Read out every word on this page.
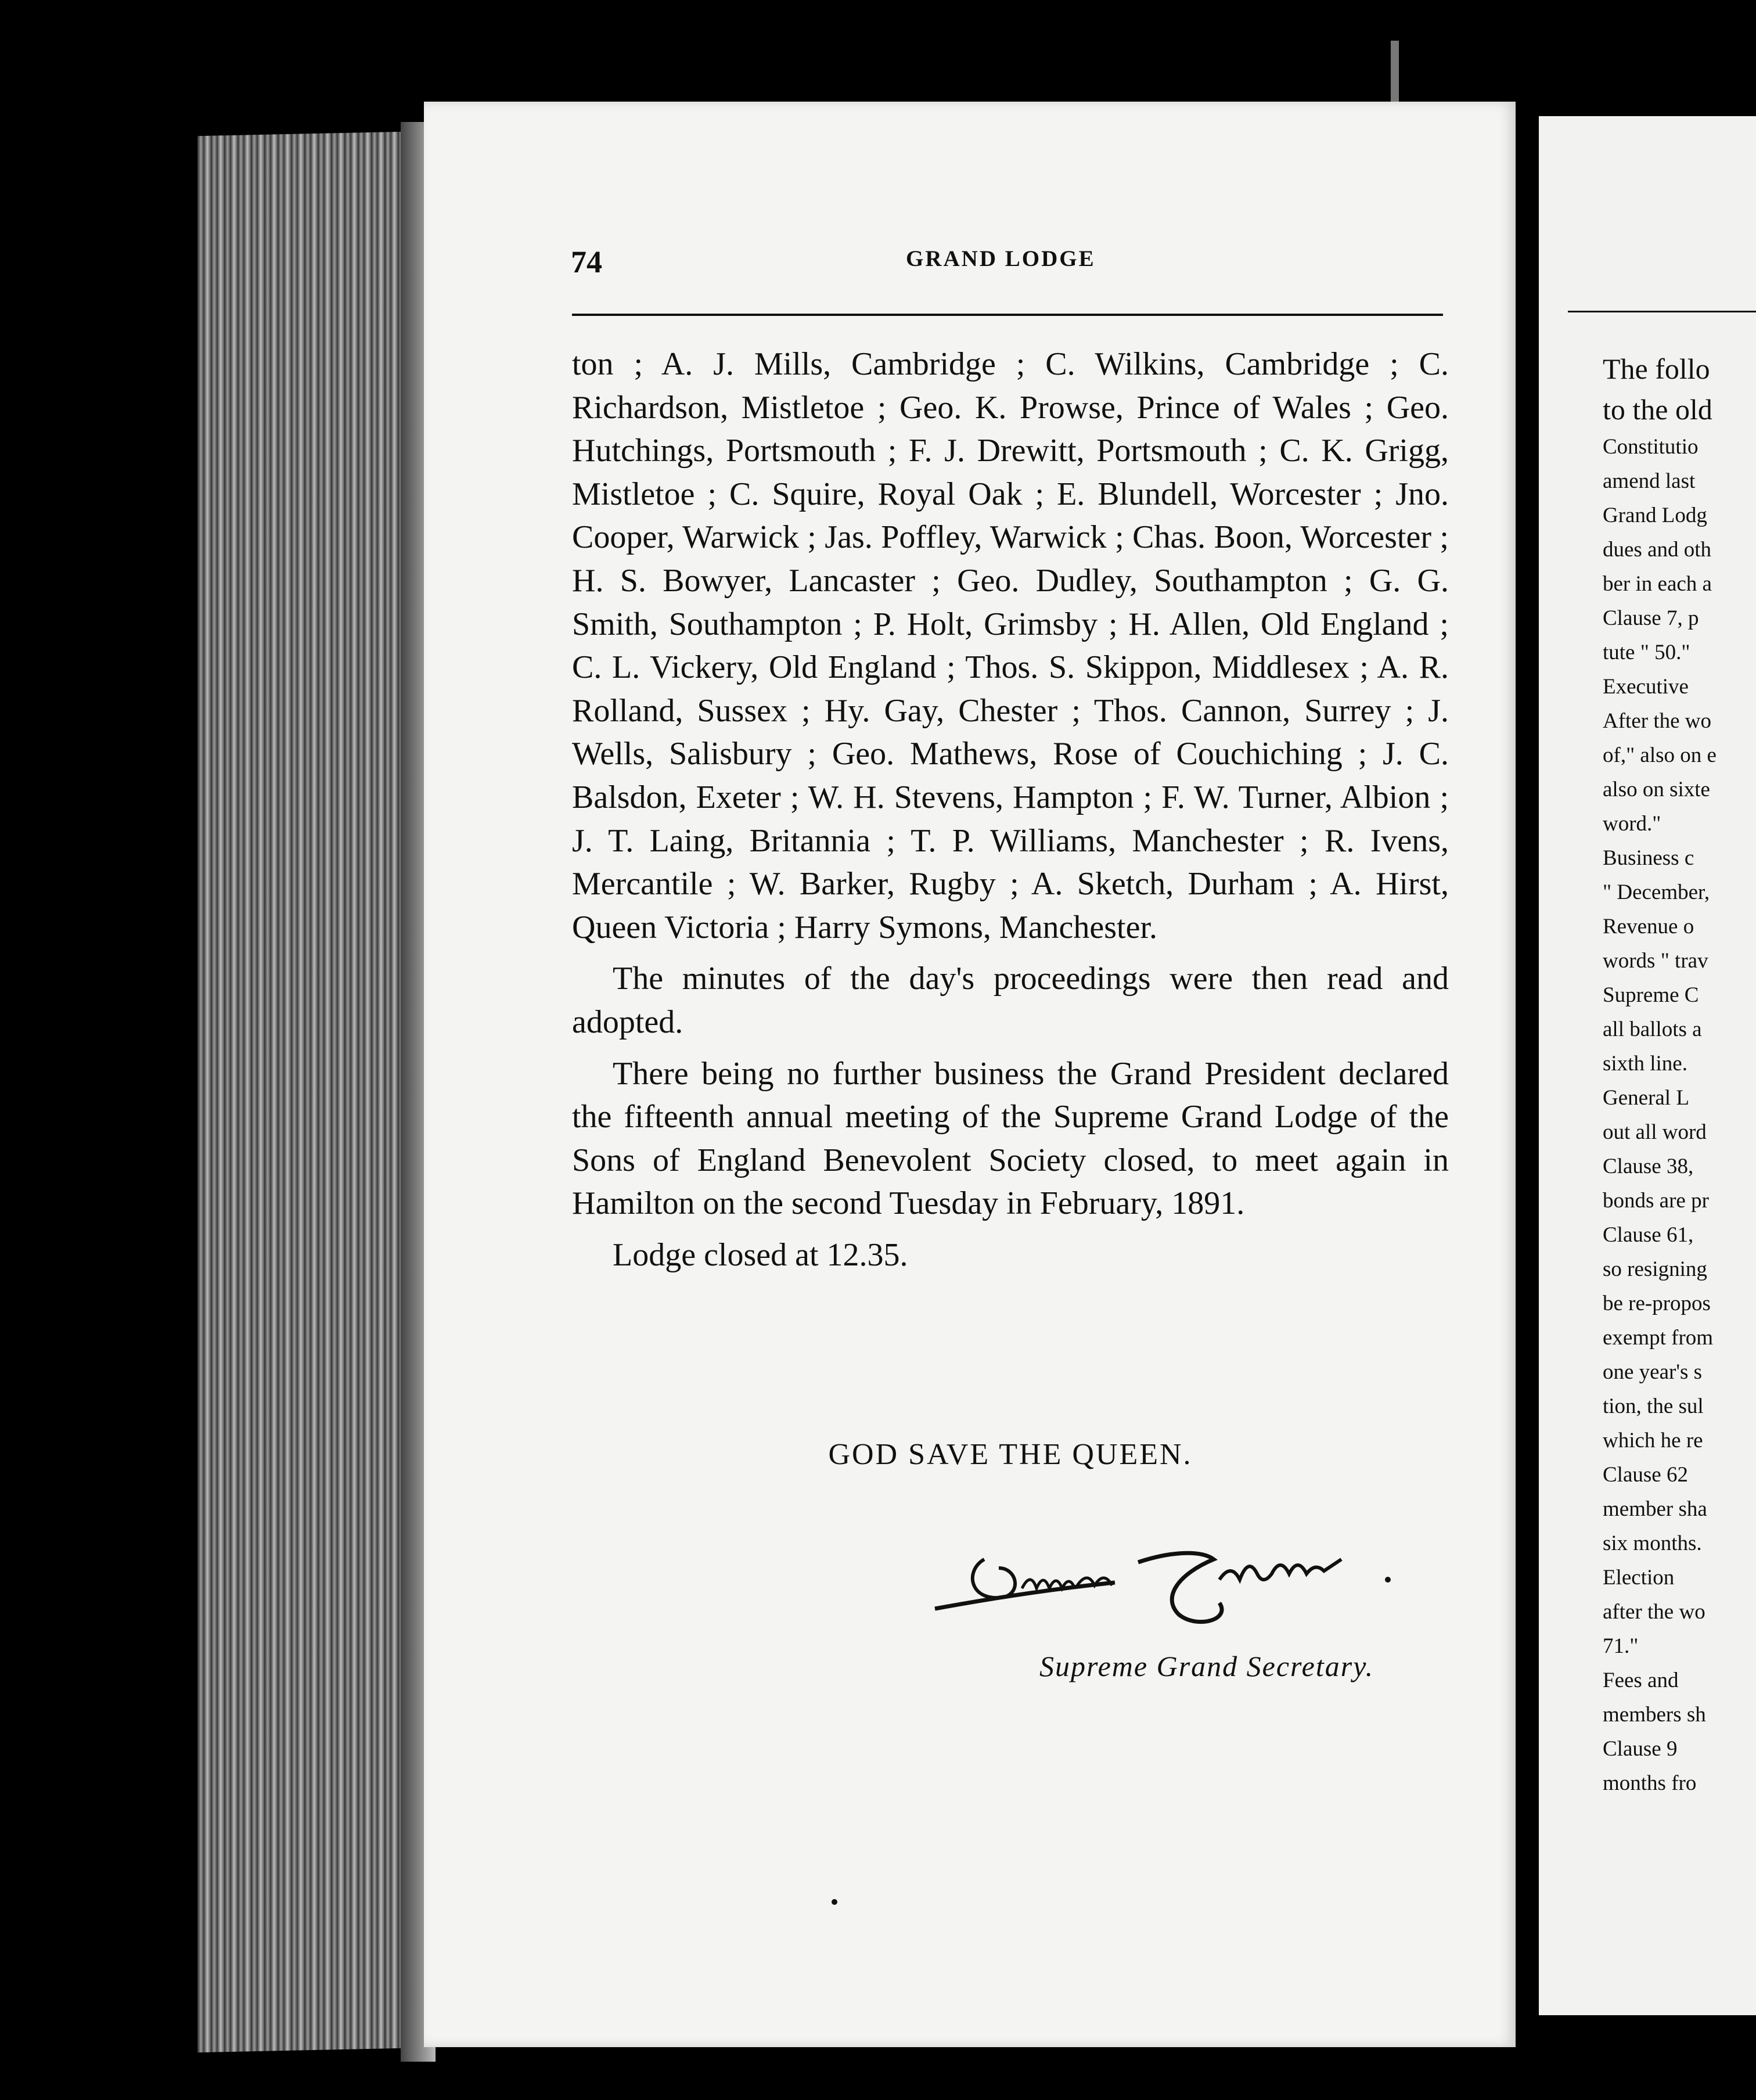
74	GRAND LODGE

ton ; A. J. Mills, Cambridge ; C. Wilkins, Cambridge ; C. Richardson, Mistletoe ; Geo. K. Prowse, Prince of Wales ; Geo. Hutchings, Portsmouth ; F. J. Drewitt, Portsmouth ; C. K. Grigg, Mistletoe ; C. Squire, Royal Oak ; E. Blundell, Worcester ; Jno. Cooper, Warwick ; Jas. Poffley, Warwick ; Chas. Boon, Worcester ; H. S. Bowyer, Lancaster ; Geo. Dudley, Southampton ; G. G. Smith, Southampton ; P. Holt, Grimsby ; H. Allen, Old England ; C. L. Vickery, Old England ; Thos. S. Skippon, Middlesex ; A. R. Rolland, Sussex ; Hy. Gay, Chester ; Thos. Cannon, Surrey ; J. Wells, Salisbury ; Geo. Mathews, Rose of Couchiching ; J. C. Balsdon, Exeter ; W. H. Stevens, Hampton ; F. W. Turner, Albion ; J. T. Laing, Britannia ; T. P. Williams, Manchester ; R. Ivens, Mercantile ; W. Barker, Rugby ; A. Sketch, Durham ; A. Hirst, Queen Victoria ; Harry Symons, Manchester.

The minutes of the day's proceedings were then read and adopted.

There being no further business the Grand President declared the fifteenth annual meeting of the Supreme Grand Lodge of the Sons of England Benevolent Society closed, to meet again in Hamilton on the second Tuesday in February, 1891.

Lodge closed at 12.35.

GOD SAVE THE QUEEN.
Supreme Grand Secretary.
The follo
to the old
Constitutio
amend last
Grand Lodg
dues and oth
ber in each a
Clause 7, p
tute " 50."
Executive
After the wo
of," also on e
also on sixte
word."
Business c
" December,
Revenue o
words " trav
Supreme C
all ballots a
sixth line.
General L
out all word
Clause 38,
bonds are pr
Clause 61,
so resigning
be re-propos
exempt from
one year's s
tion, the sul
which he re
Clause 62
member sha
six months.
Election
after the wo
71."
Fees and
members sh
Clause 9
months fro
